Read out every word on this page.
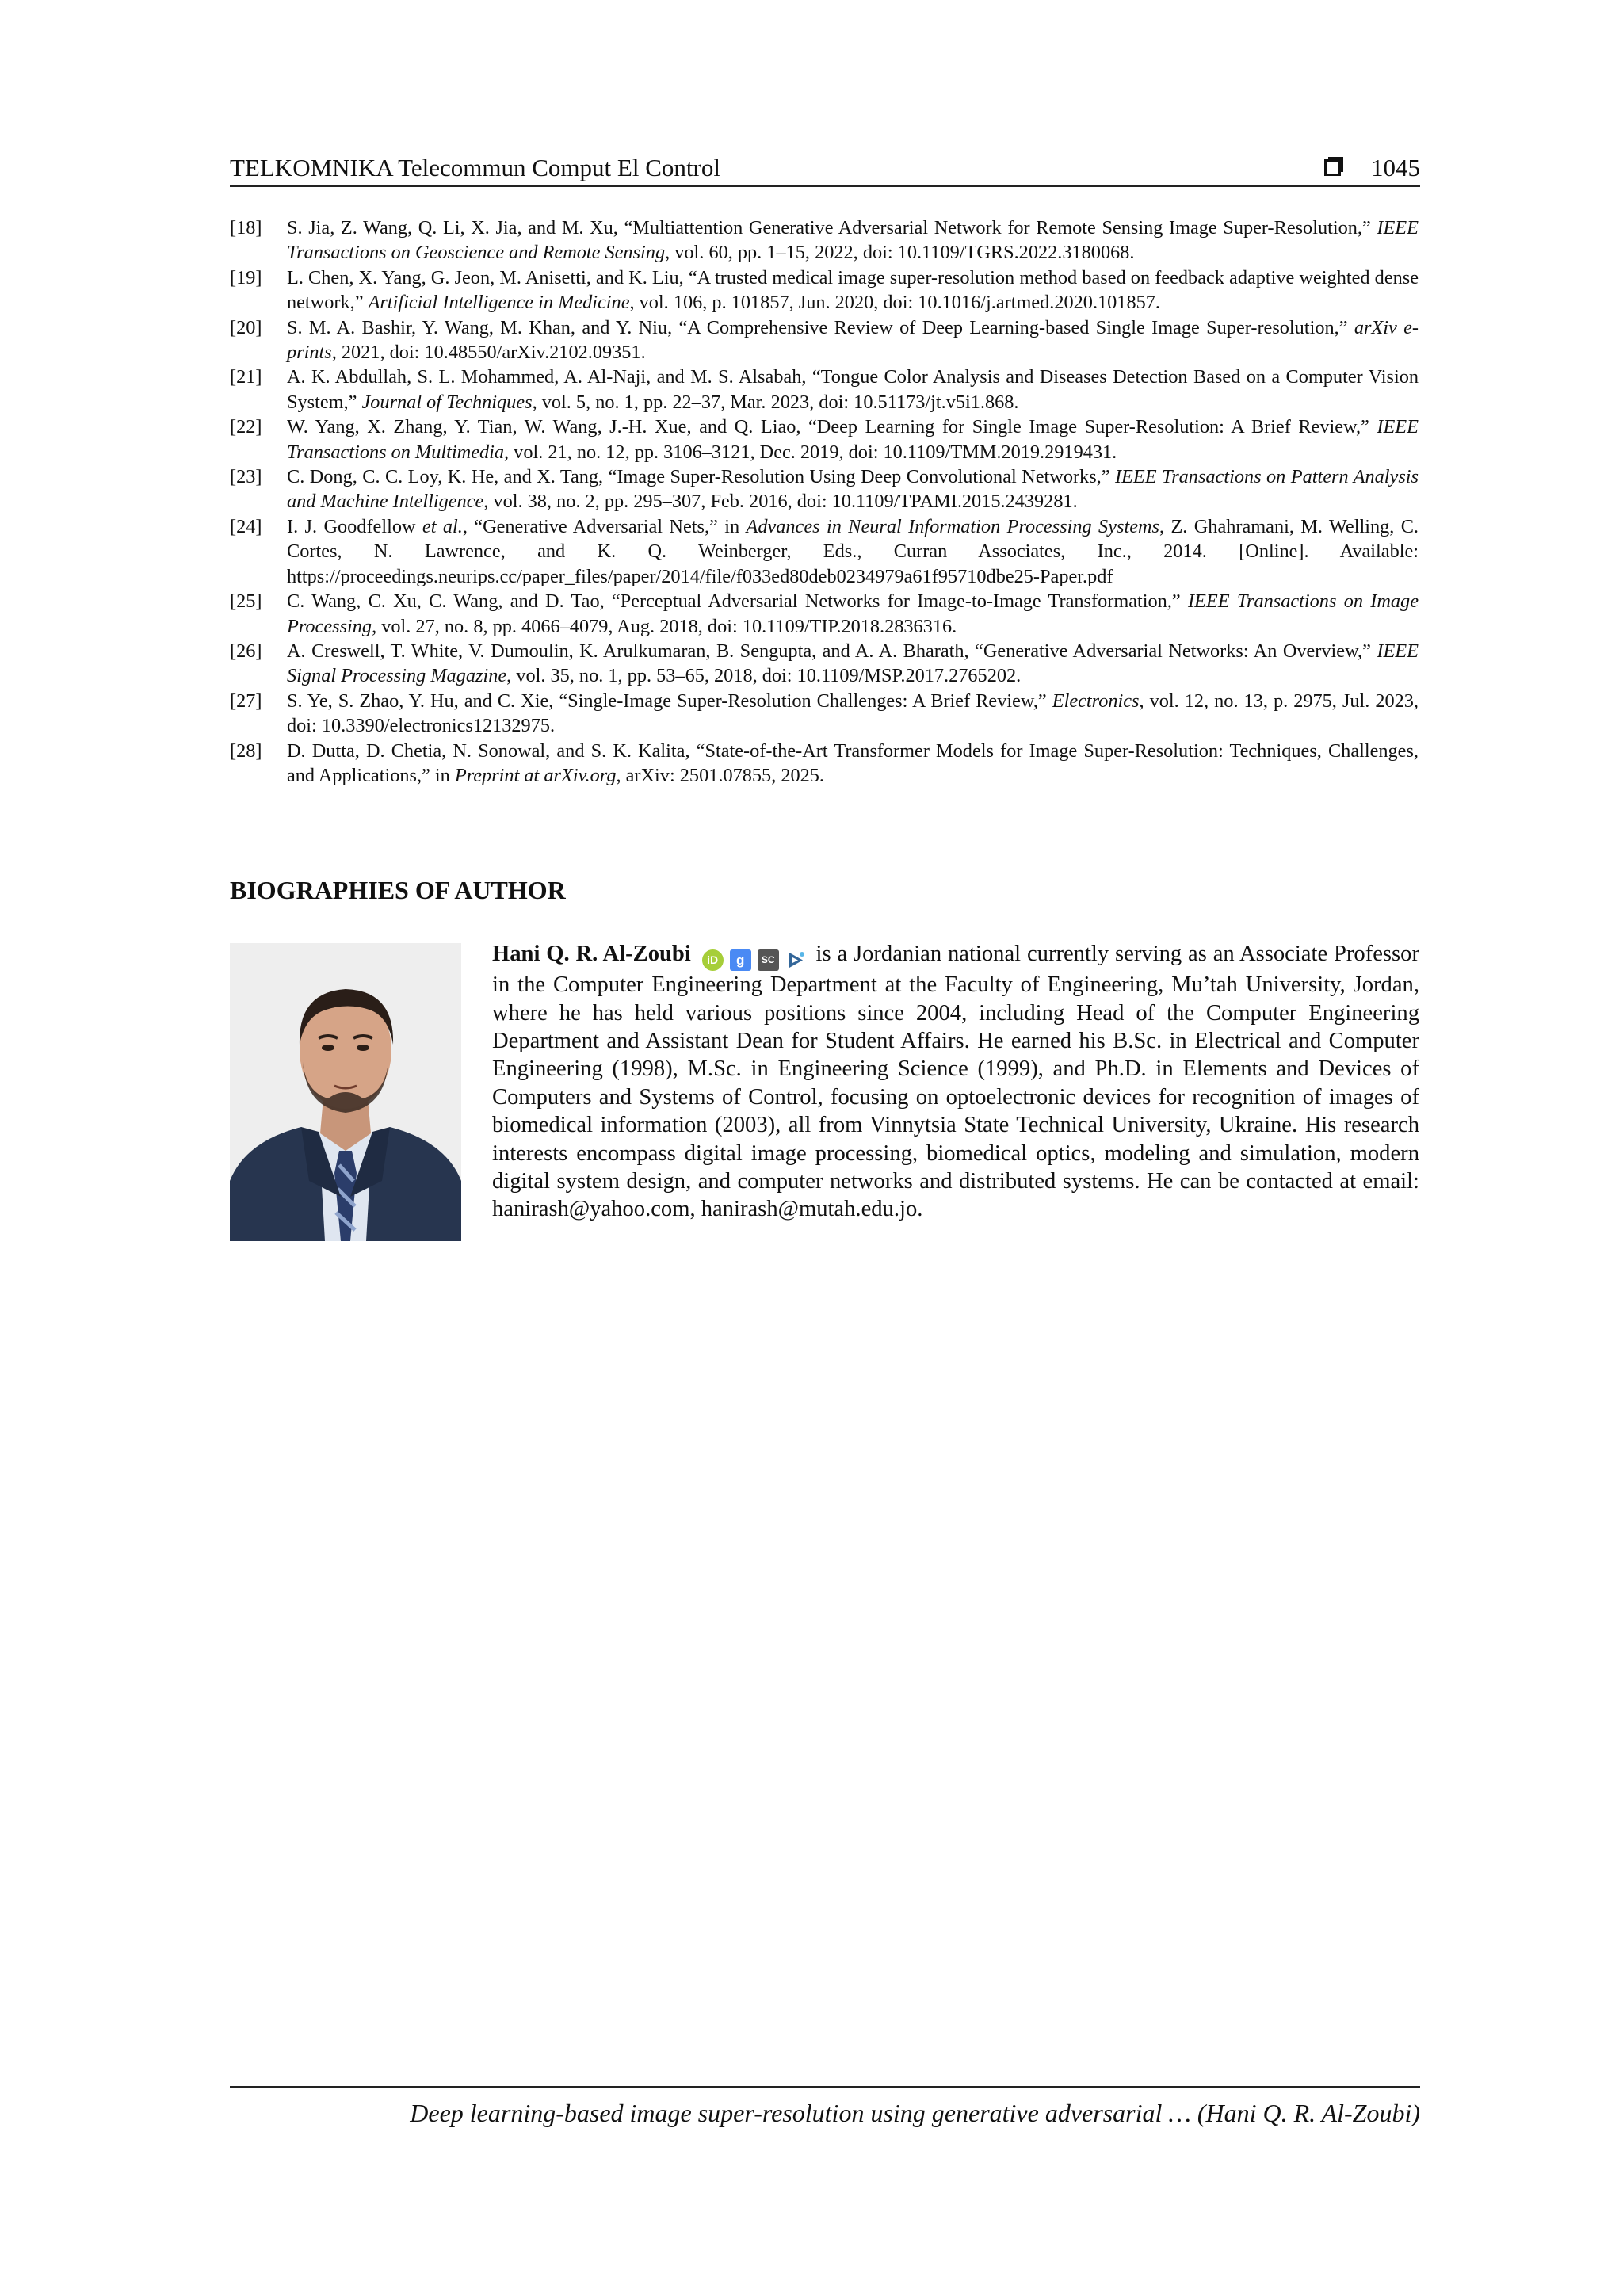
TELKOMNIKA Telecommun Comput El Control	1045
[18]	S. Jia, Z. Wang, Q. Li, X. Jia, and M. Xu, “Multiattention Generative Adversarial Network for Remote Sensing Image Super-Resolution,” IEEE Transactions on Geoscience and Remote Sensing, vol. 60, pp. 1–15, 2022, doi: 10.1109/TGRS.2022.3180068.
[19]	L. Chen, X. Yang, G. Jeon, M. Anisetti, and K. Liu, “A trusted medical image super-resolution method based on feedback adaptive weighted dense network,” Artificial Intelligence in Medicine, vol. 106, p. 101857, Jun. 2020, doi: 10.1016/j.artmed.2020.101857.
[20]	S. M. A. Bashir, Y. Wang, M. Khan, and Y. Niu, “A Comprehensive Review of Deep Learning-based Single Image Super-resolution,” arXiv e-prints, 2021, doi: 10.48550/arXiv.2102.09351.
[21]	A. K. Abdullah, S. L. Mohammed, A. Al-Naji, and M. S. Alsabah, “Tongue Color Analysis and Diseases Detection Based on a Computer Vision System,” Journal of Techniques, vol. 5, no. 1, pp. 22–37, Mar. 2023, doi: 10.51173/jt.v5i1.868.
[22]	W. Yang, X. Zhang, Y. Tian, W. Wang, J.-H. Xue, and Q. Liao, “Deep Learning for Single Image Super-Resolution: A Brief Review,” IEEE Transactions on Multimedia, vol. 21, no. 12, pp. 3106–3121, Dec. 2019, doi: 10.1109/TMM.2019.2919431.
[23]	C. Dong, C. C. Loy, K. He, and X. Tang, “Image Super-Resolution Using Deep Convolutional Networks,” IEEE Transactions on Pattern Analysis and Machine Intelligence, vol. 38, no. 2, pp. 295–307, Feb. 2016, doi: 10.1109/TPAMI.2015.2439281.
[24]	I. J. Goodfellow et al., “Generative Adversarial Nets,” in Advances in Neural Information Processing Systems, Z. Ghahramani, M. Welling, C. Cortes, N. Lawrence, and K. Q. Weinberger, Eds., Curran Associates, Inc., 2014. [Online]. Available: https://proceedings.neurips.cc/paper_files/paper/2014/file/f033ed80deb0234979a61f95710dbe25-Paper.pdf
[25]	C. Wang, C. Xu, C. Wang, and D. Tao, “Perceptual Adversarial Networks for Image-to-Image Transformation,” IEEE Transactions on Image Processing, vol. 27, no. 8, pp. 4066–4079, Aug. 2018, doi: 10.1109/TIP.2018.2836316.
[26]	A. Creswell, T. White, V. Dumoulin, K. Arulkumaran, B. Sengupta, and A. A. Bharath, “Generative Adversarial Networks: An Overview,” IEEE Signal Processing Magazine, vol. 35, no. 1, pp. 53–65, 2018, doi: 10.1109/MSP.2017.2765202.
[27]	S. Ye, S. Zhao, Y. Hu, and C. Xie, “Single-Image Super-Resolution Challenges: A Brief Review,” Electronics, vol. 12, no. 13, p. 2975, Jul. 2023, doi: 10.3390/electronics12132975.
[28]	D. Dutta, D. Chetia, N. Sonowal, and S. K. Kalita, “State-of-the-Art Transformer Models for Image Super-Resolution: Techniques, Challenges, and Applications,” in Preprint at arXiv.org, arXiv: 2501.07855, 2025.
BIOGRAPHIES OF AUTHOR

Hani Q. R. Al-Zoubi	iD	g	SC is a Jordanian national currently serving as an Associate Professor in the Computer Engineering Department at the Faculty of Engineering, Mu’tah University, Jordan, where he has held various positions since 2004, including Head of the Computer Engineering Department and Assistant Dean for Student Affairs. He earned his B.Sc. in Electrical and Computer Engineering (1998), M.Sc. in Engineering Science (1999), and Ph.D. in Elements and Devices of Computers and Systems of Control, focusing on optoelectronic devices for recognition of images of biomedical information (2003), all from Vinnytsia State Technical University, Ukraine. His research interests encompass digital image processing, biomedical optics, modeling and simulation, modern digital system design, and computer networks and distributed systems. He can be contacted at email: hanirash@yahoo.com, hanirash@mutah.edu.jo.

Deep learning-based image super-resolution using generative adversarial … (Hani Q. R. Al-Zoubi)
